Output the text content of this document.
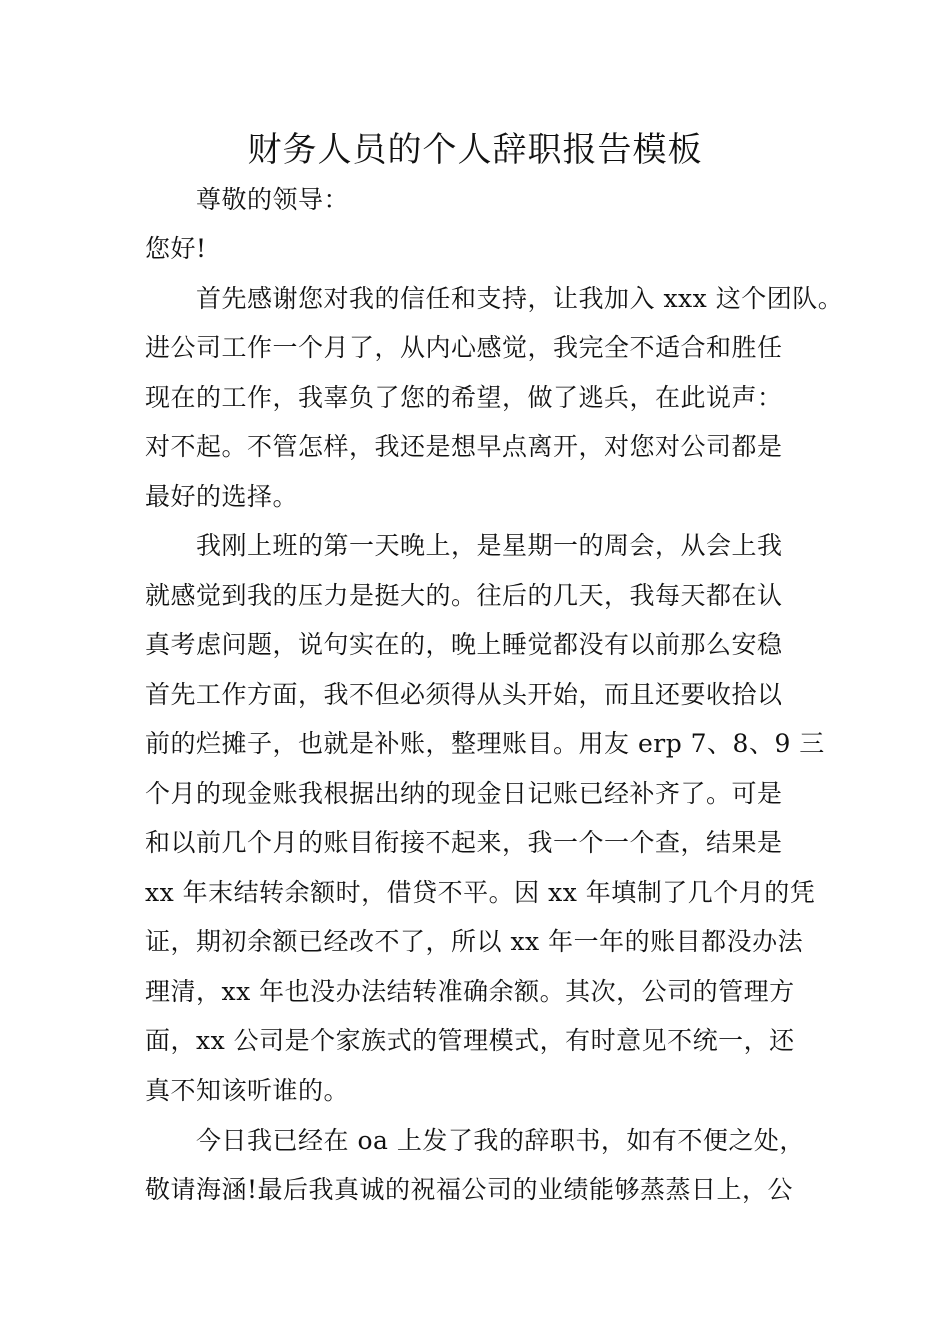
财务人员的个人辞职报告模板
尊敬的领导：
您好!
首先感谢您对我的信任和支持，让我加入 xxx 这个团队。
进公司工作一个月了，从内心感觉，我完全不适合和胜任
现在的工作，我辜负了您的希望，做了逃兵，在此说声：
对不起。不管怎样，我还是想早点离开，对您对公司都是
最好的选择。
我刚上班的第一天晚上，是星期一的周会，从会上我
就感觉到我的压力是挺大的。往后的几天，我每天都在认
真考虑问题，说句实在的，晚上睡觉都没有以前那么安稳
首先工作方面，我不但必须得从头开始，而且还要收拾以
前的烂摊子，也就是补账，整理账目。用友 erp 7、8、9 三
个月的现金账我根据出纳的现金日记账已经补齐了。可是
和以前几个月的账目衔接不起来，我一个一个查，结果是
xx 年末结转余额时，借贷不平。因 xx 年填制了几个月的凭
证，期初余额已经改不了，所以 xx 年一年的账目都没办法
理清，xx 年也没办法结转准确余额。其次，公司的管理方
面，xx 公司是个家族式的管理模式，有时意见不统一，还
真不知该听谁的。
今日我已经在 oa 上发了我的辞职书，如有不便之处，
敬请海涵!最后我真诚的祝福公司的业绩能够蒸蒸日上，公
